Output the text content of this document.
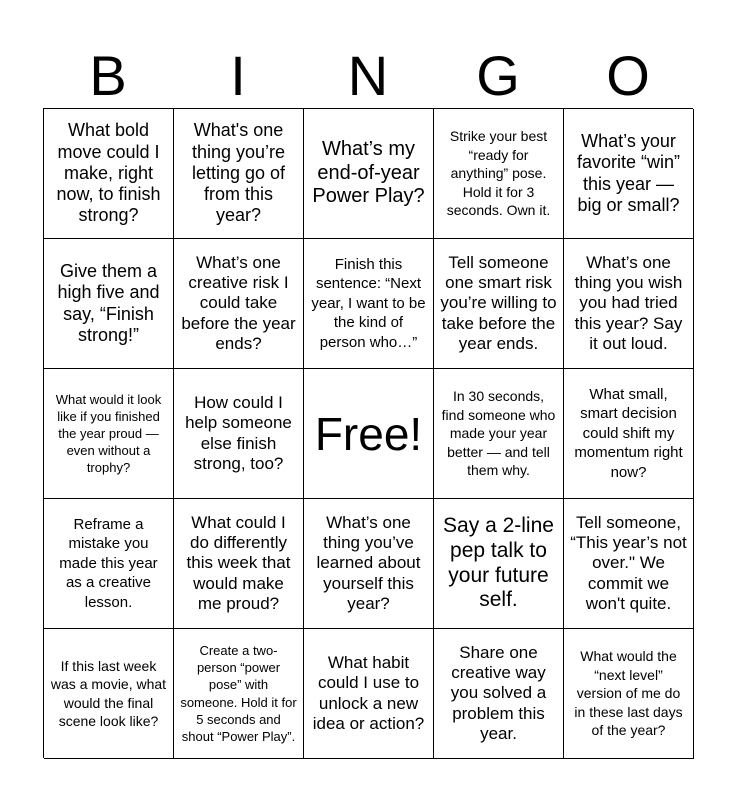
B	I	N	G	O
What bold move could I make, right now, to finish strong?
What's one thing you’re letting go of from this year?
What’s my end-of-year Power Play?
Strike your best “ready for anything” pose. Hold it for 3 seconds. Own it.
What’s your favorite “win” this year — big or small?
Give them a high five and say, “Finish strong!”
What’s one creative risk I could take before the year ends?
Finish this sentence: “Next year, I want to be the kind of person who…”
Tell someone one smart risk you’re willing to take before the year ends.
What’s one thing you wish you had tried this year? Say it out loud.
What would it look like if you finished the year proud — even without a trophy?
How could I help someone else finish strong, too?
Free!
In 30 seconds, find someone who made your year better — and tell them why.
What small, smart decision could shift my momentum right now?
Reframe a mistake you made this year as a creative lesson.
What could I do differently this week that would make me proud?
What’s one thing you’ve learned about yourself this year?
Say a 2-line pep talk to your future self.
Tell someone, “This year’s not over." We commit we won't quite.
If this last week was a movie, what would the final scene look like?
Create a two-person “power pose” with someone. Hold it for 5 seconds and shout “Power Play”.
What habit could I use to unlock a new idea or action?
Share one creative way you solved a problem this year.
What would the “next level” version of me do in these last days of the year?
